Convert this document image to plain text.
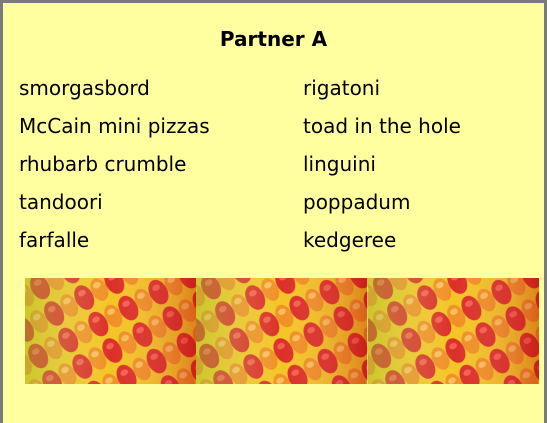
Partner A
smorgasbord
McCain mini pizzas
rhubarb crumble
tandoori
farfalle
rigatoni
toad in the hole
linguini
poppadum
kedgeree
